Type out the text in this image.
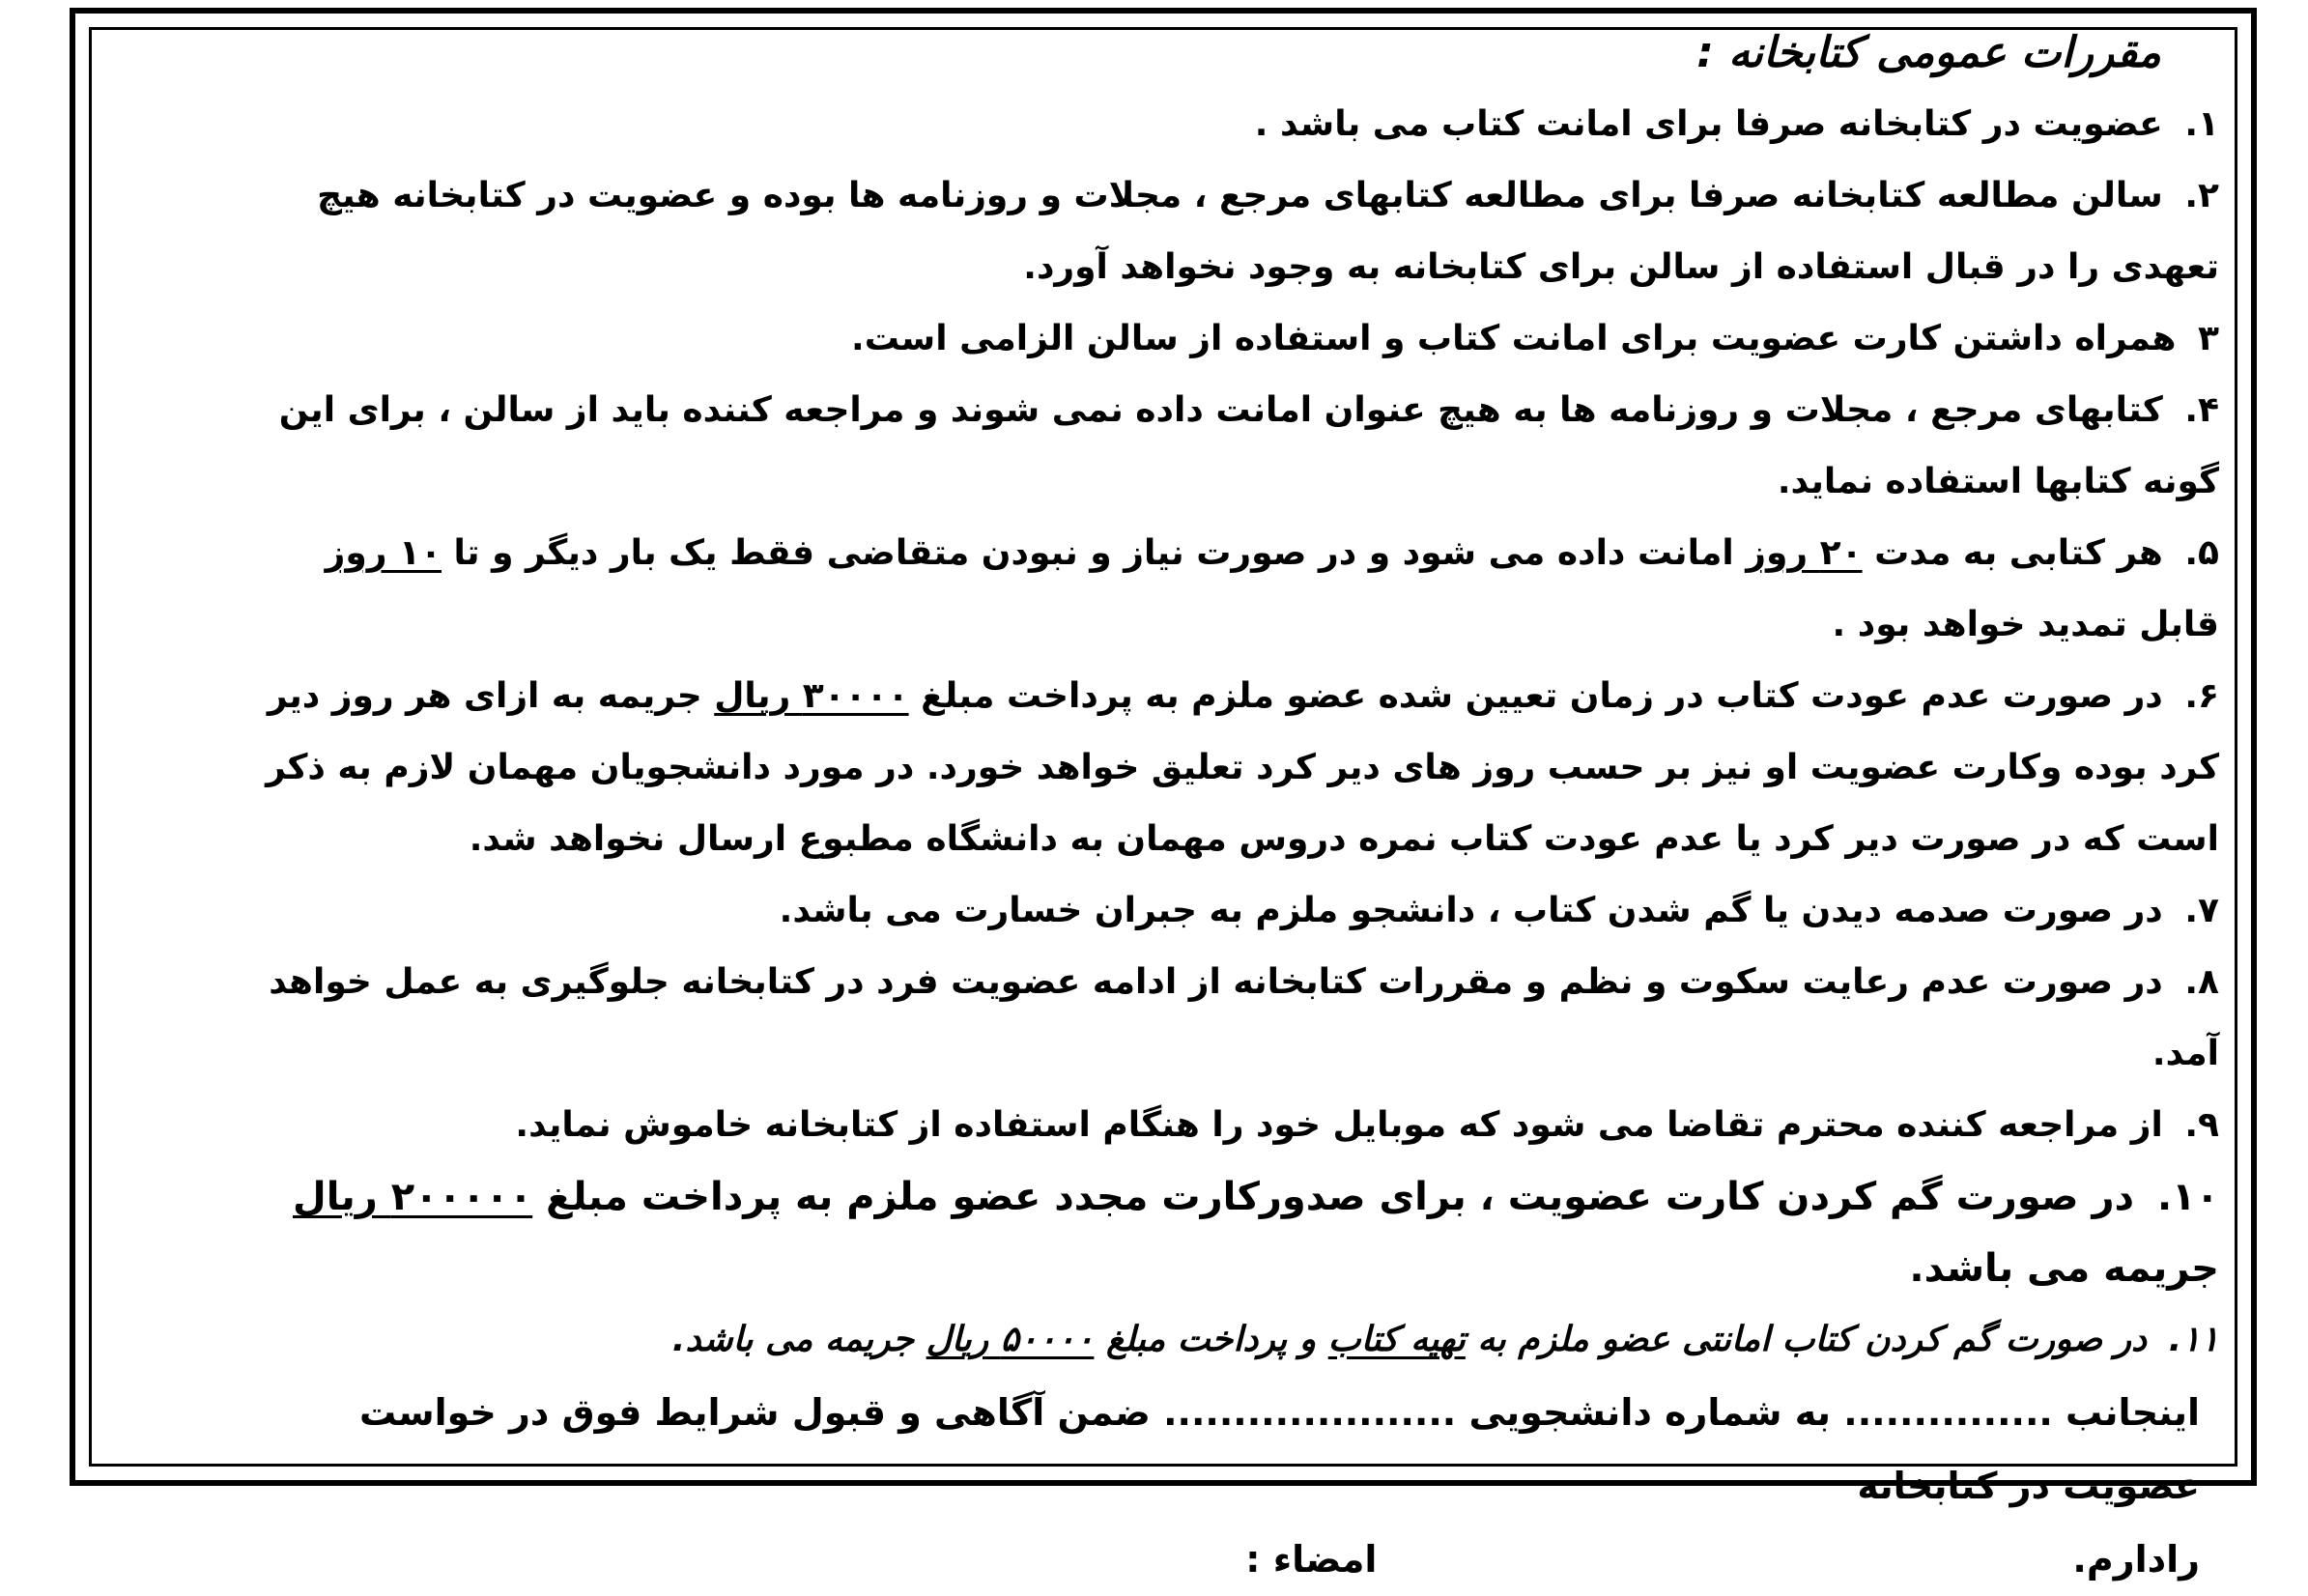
مقررات عمومی کتابخانه :

۱. عضویت در کتابخانه صرفا برای امانت کتاب می باشد .

۲. سالن مطالعه کتابخانه صرفا برای مطالعه کتابهای مرجع ، مجلات و روزنامه ها بوده و عضویت در کتابخانه هیچ تعهدی را در قبال استفاده از سالن برای کتابخانه به وجود نخواهد آورد.

۳ همراه داشتن کارت عضویت برای امانت کتاب و استفاده از سالن الزامی است.

۴. کتابهای مرجع ، مجلات و روزنامه ها به هیچ عنوان امانت داده نمی شوند و مراجعه کننده باید از سالن ، برای این گونه کتابها استفاده نماید.

۵. هر کتابی به مدت ۲۰ روز امانت داده می شود و در صورت نیاز و نبودن متقاضی فقط یک بار دیگر و تا ۱۰ روز قابل تمدید خواهد بود .

۶. در صورت عدم عودت کتاب در زمان تعیین شده عضو ملزم به پرداخت مبلغ ۳۰۰۰۰ ریال جریمه به ازای هر روز دیر کرد بوده وکارت عضویت او نیز بر حسب روز های دیر کرد تعلیق خواهد خورد. در مورد دانشجویان مهمان لازم به ذکر است که در صورت دیر کرد یا عدم عودت کتاب نمره دروس مهمان به دانشگاه مطبوع ارسال نخواهد شد.

۷. در صورت صدمه دیدن یا گم شدن کتاب ، دانشجو ملزم به جبران خسارت می باشد.

۸. در صورت عدم رعایت سکوت و نظم و مقررات کتابخانه از ادامه عضویت فرد در کتابخانه جلوگیری به عمل خواهد آمد.

۹. از مراجعه کننده محترم تقاضا می شود که موبایل خود را هنگام استفاده از کتابخانه خاموش نماید.

۱۰. در صورت گم کردن کارت عضویت ، برای صدورکارت مجدد عضو ملزم به پرداخت مبلغ ۲۰۰۰۰۰ ریال جریمه می باشد.

۱۱. در صورت گم کردن کتاب امانتی عضو ملزم به تهیه کتاب و پرداخت مبلغ ۵۰۰۰۰ ریال جریمه می باشد.

اینجانب ............... به شماره دانشجویی ..................... ضمن آگاهی و قبول شرایط فوق در خواست عضویت در کتابخانه

رادارم.
امضاء :
